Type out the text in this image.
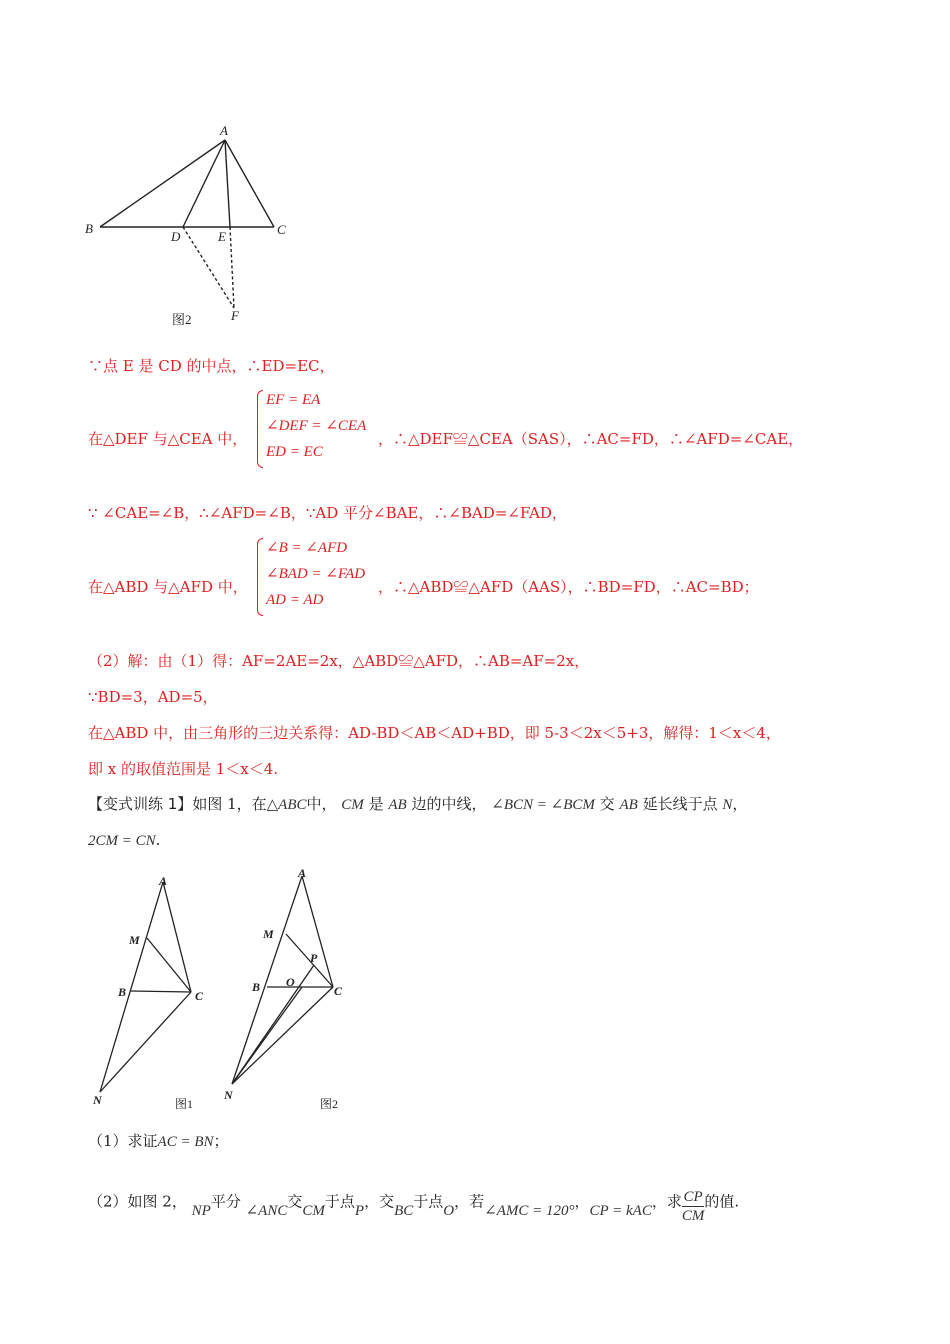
A
B	C
D	E
F
图2
∵点 E 是 CD 的中点，∴ED=EC，
在△DEF 与△CEA 中，
EF = EA
∠DEF = ∠CEA
ED = EC
，∴△DEF≌△CEA（SAS），∴AC=FD，∴∠AFD=∠CAE，
∵ ∠CAE=∠B，∴∠AFD=∠B，∵AD 平分∠BAE，∴∠BAD=∠FAD，
在△ABD 与△AFD 中，
∠B = ∠AFD
∠BAD = ∠FAD
AD = AD
，∴△ABD≌△AFD（AAS），∴BD=FD，∴AC=BD；
（2）解：由（1）得：AF=2AE=2x，△ABD≌△AFD，∴AB=AF=2x，
∵BD=3，AD=5，
在△ABD 中，由三角形的三边关系得：AD-BD＜AB＜AD+BD，即 5-3＜2x＜5+3，解得：1＜x＜4，
即 x 的取值范围是 1＜x＜4.
【变式训练 1】如图 1，在△ABC中， CM 是 AB 边的中线， ∠BCN = ∠BCM 交 AB 延长线于点 N，
2CM = CN.
A
M
B	C
N	图1
A
M
B O
P
C
N
图2
（1）求证AC = BN；
（2）如图 2， NP平分 ∠ANC交CM于点P，交BC于点O，若∠AMC = 120°，CP = kAC，求 $\frac{CP}{CM}$ 的值.
